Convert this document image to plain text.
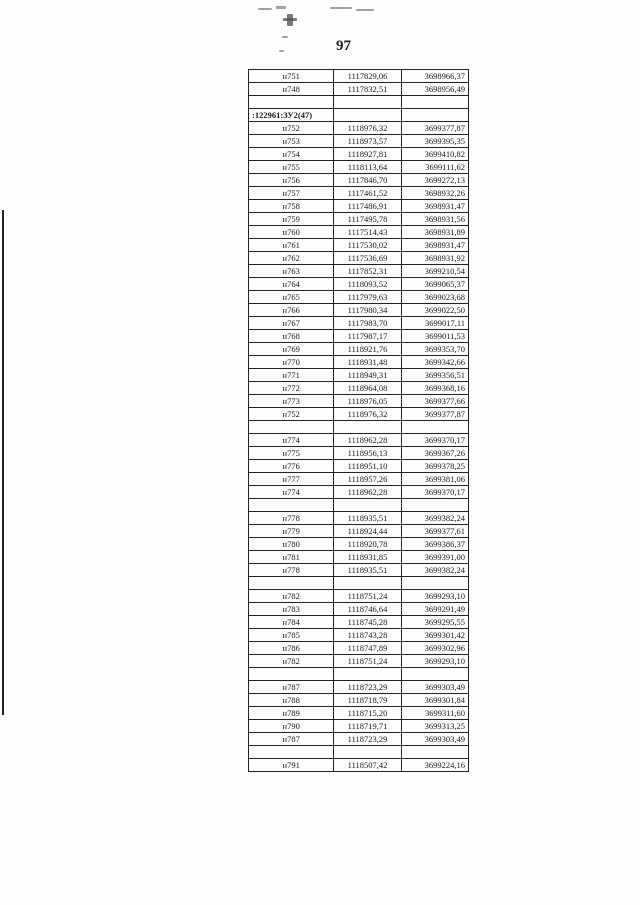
97
н751	1117829,06	3698966,37
н748	1117832,51	3698956,49

:122961:ЗУ2(47)		
н752	1118976,32	3699377,87
н753	1118973,57	3699395,35
н754	1118927,81	3699410,82
н755	1118113,64	3699111,62
н756	1117846,70	3699272,13
н757	1117461,52	3698932,26
н758	1117486,91	3698931,47
н759	1117495,78	3698931,56
н760	1117514,43	3698931,89
н761	1117530,02	3698931,47
н762	1117536,69	3698931,92
н763	1117852,31	3699210,54
н764	1118093,52	3699065,37
н765	1117979,63	3699023,68
н766	1117980,34	3699022,50
н767	1117983,70	3699017,11
н768	1117987,17	3699011,53
н769	1118921,76	3699353,70
н770	1118931,48	3699342,66
н771	1118949,31	3699356,51
н772	1118964,08	3699368,16
н773	1118976,05	3699377,66
н752	1118976,32	3699377,87

н774	1118962,28	3699370,17
н775	1118956,13	3699367,26
н776	1118951,10	3699378,25
н777	1118957,26	3699381,06
н774	1118962,28	3699370,17

н778	1118935,51	3699382,24
н779	1118924,44	3699377,61
н780	1118920,78	3699386,37
н781	1118931,85	3699391,00
н778	1118935,51	3699382,24

н782	1118751,24	3699293,10
н783	1118746,64	3699291,49
н784	1118745,28	3699295,55
н785	1118743,28	3699301,42
н786	1118747,89	3699302,96
н782	1118751,24	3699293,10

н787	1118723,29	3699303,49
н788	1118718,79	3699301,84
н789	1118715,20	3699311,60
н790	1118719,71	3699313,25
н787	1118723,29	3699303,49

н791	1118507,42	3699224,16
